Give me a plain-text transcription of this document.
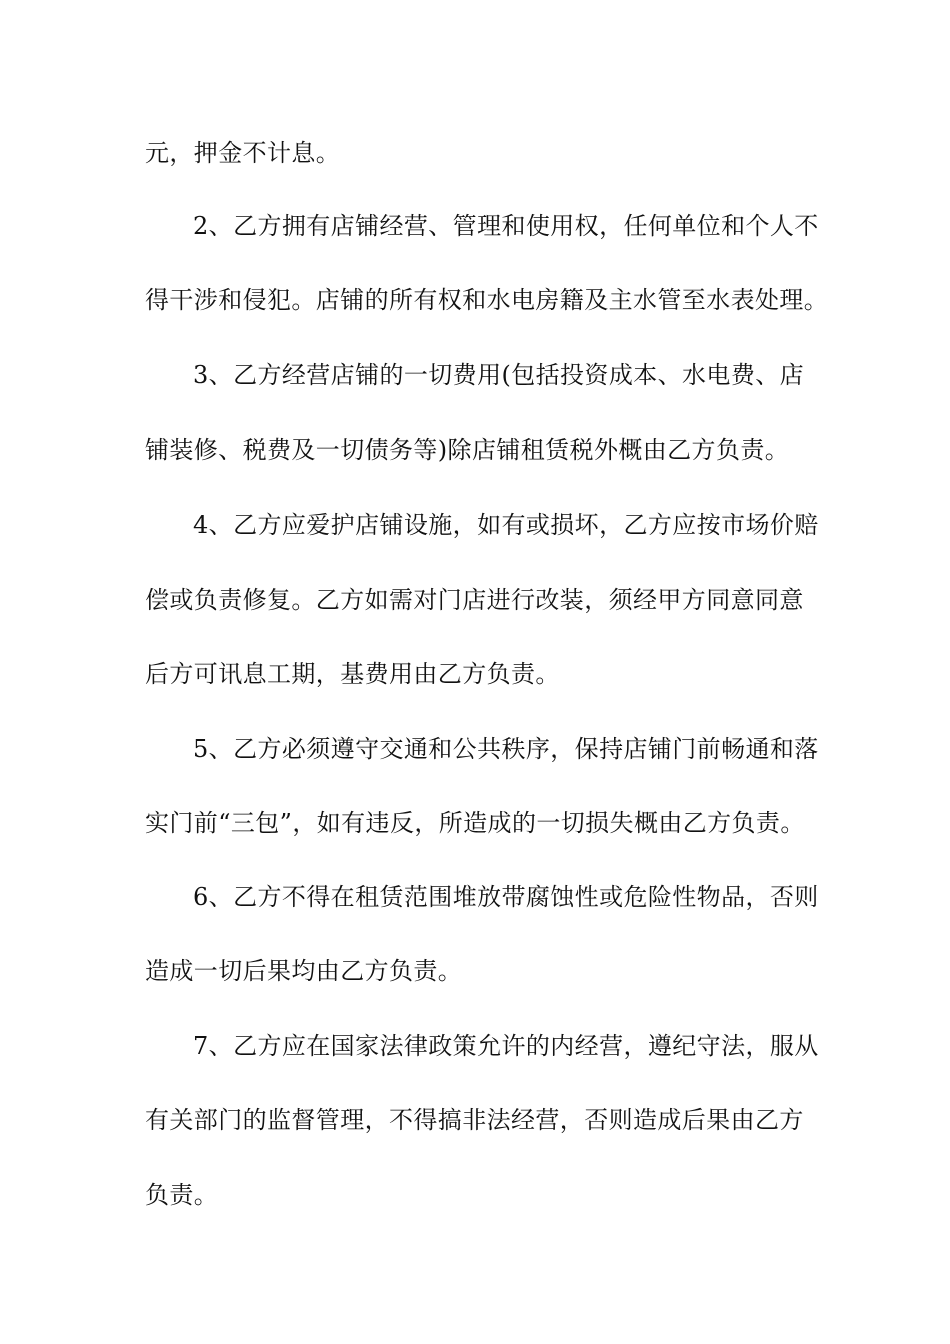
元，押金不计息。
2、乙方拥有店铺经营、管理和使用权，任何单位和个人不
得干涉和侵犯。店铺的所有权和水电房籍及主水管至水表处理。
3、乙方经营店铺的一切费用(包括投资成本、水电费、店
铺装修、税费及一切债务等)除店铺租赁税外概由乙方负责。
4、乙方应爱护店铺设施，如有或损坏，乙方应按市场价赔
偿或负责修复。乙方如需对门店进行改装，须经甲方同意同意
后方可讯息工期，基费用由乙方负责。
5、乙方必须遵守交通和公共秩序，保持店铺门前畅通和落
实门前“三包”，如有违反，所造成的一切损失概由乙方负责。
6、乙方不得在租赁范围堆放带腐蚀性或危险性物品，否则
造成一切后果均由乙方负责。
7、乙方应在国家法律政策允许的内经营，遵纪守法，服从
有关部门的监督管理，不得搞非法经营，否则造成后果由乙方
负责。
